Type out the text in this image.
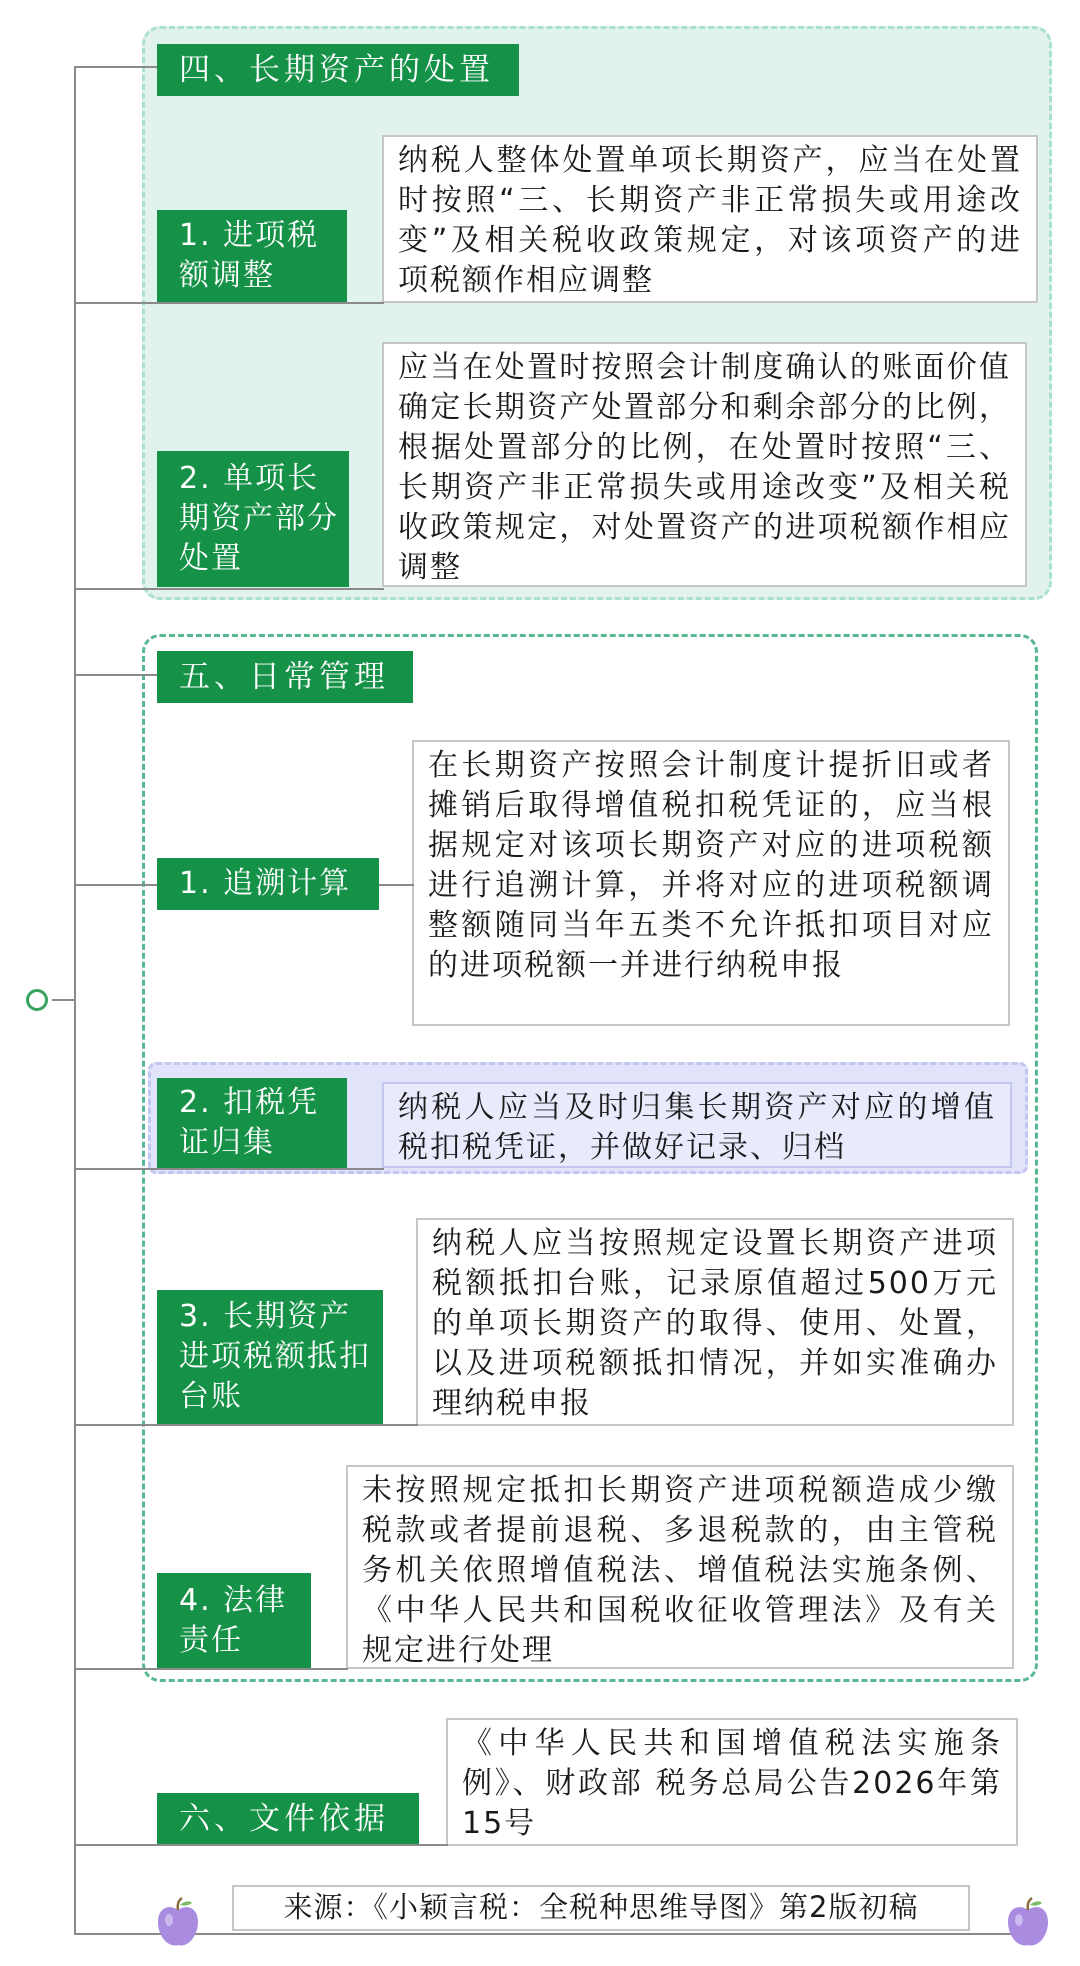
四、长期资产的处置
纳税人整体处置单项长期资产，应当在处置时按照“三、长期资产非正常损失或用途改变”及相关税收政策规定，对该项资产的进项税额作相应调整
1. 进项税额调整
应当在处置时按照会计制度确认的账面价值确定长期资产处置部分和剩余部分的比例，根据处置部分的比例，在处置时按照“三、长期资产非正常损失或用途改变”及相关税收政策规定，对处置资产的进项税额作相应调整
2. 单项长期资产部分处置
五、日常管理
在长期资产按照会计制度计提折旧或者摊销后取得增值税扣税凭证的，应当根据规定对该项长期资产对应的进项税额进行追溯计算，并将对应的进项税额调整额随同当年五类不允许抵扣项目对应的进项税额一并进行纳税申报
1. 追溯计算
纳税人应当及时归集长期资产对应的增值税扣税凭证，并做好记录、归档
2. 扣税凭证归集
纳税人应当按照规定设置长期资产进项税额抵扣台账，记录原值超过500万元的单项长期资产的取得、使用、处置，以及进项税额抵扣情况，并如实准确办理纳税申报
3. 长期资产进项税额抵扣台账
未按照规定抵扣长期资产进项税额造成少缴税款或者提前退税、多退税款的，由主管税务机关依照增值税法、增值税法实施条例、《中华人民共和国税收征收管理法》及有关规定进行处理
4. 法律责任
《中华人民共和国增值税法实施条例》、财政部 税务总局公告2026年第15号
六、文件依据
来源：《小颖言税：全税种思维导图》第2版初稿
